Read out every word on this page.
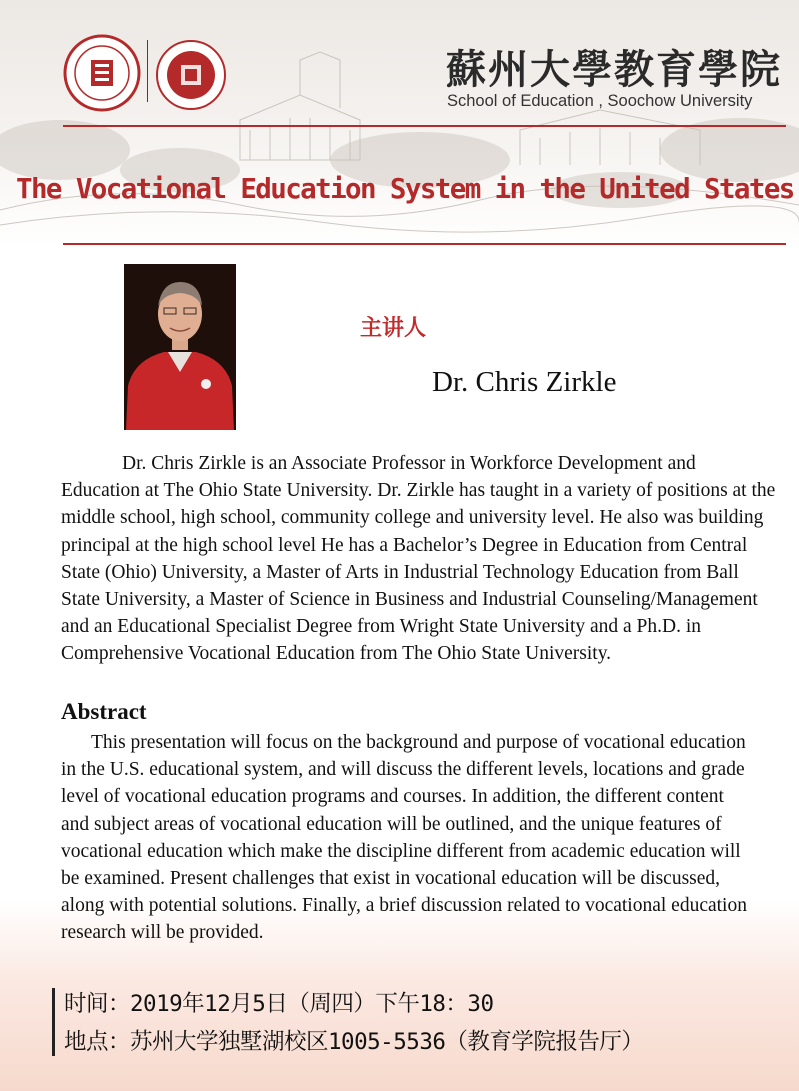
蘇州大學教育學院
School of Education , Soochow University
The Vocational Education System in the United States
主讲人
Dr. Chris Zirkle

Dr. Chris Zirkle is an Associate Professor in Workforce Development and Education at The Ohio State University. Dr. Zirkle has taught in a variety of positions at the middle school, high school, community college and university level. He also was building principal at the high school level He has a Bachelor’s Degree in Education from Central State (Ohio) University, a Master of Arts in Industrial Technology Education from Ball State University, a Master of Science in Business and Industrial Counseling/Management and an Educational Specialist Degree from Wright State University and a Ph.D. in Comprehensive Vocational Education from The Ohio State University.

Abstract

This presentation will focus on the background and purpose of vocational education in the U.S. educational system, and will discuss the different levels, locations and grade level of vocational education programs and courses. In addition, the different content and subject areas of vocational education will be outlined, and the unique features of vocational education which make the discipline different from academic education will be examined. Present challenges that exist in vocational education will be discussed, along with potential solutions. Finally, a brief discussion related to vocational education research will be provided.

时间：2019年12月5日（周四）下午18：30
地点：苏州大学独墅湖校区1005-5536（教育学院报告厅）
